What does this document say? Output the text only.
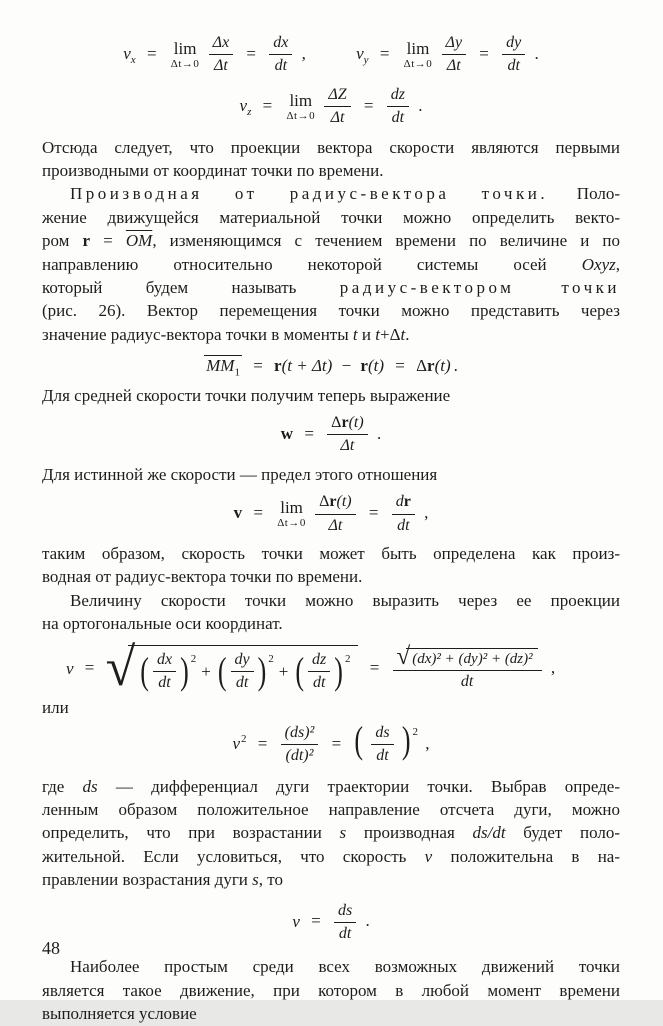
$v_x = \lim$
Δt→0
$\frac{\Delta x}{\Delta t} = \frac{dx}{dt}$ ,	$v_y = \lim$
Δt→0
$\frac{\Delta y}{\Delta t} = \frac{dy}{dt}$ .
$v_z = \lim$
Δt→0
$\frac{\Delta Z}{\Delta t} = \frac{dz}{dt}$ .
Отсюда следует, что проекции вектора скорости являются первыми
производными от координат точки по времени.
Производная от радиус-вектора точки. Поло-
жение движущейся материальной точки можно определить векто-
ром $r = \overline{OM}$, изменяющимся с течением времени по величине и по
направлению относительно некоторой системы осей Oxyz,
который будем называть радиус-вектором точки
(рис. 26). Вектор перемещения точки можно представить через
значение радиус-вектора точки в моменты t и t+Δt.
$MM_1 = r(t + \Delta t) - r(t) = \Delta r(t)$ .
Для средней скорости точки получим теперь выражение
$w = \frac{\text{Δ r (t)}}{\Delta t}$ .
Для истинной же скорости — предел этого отношения
v = lim
Δt→0
$\frac{\text{Δ r (t)}}{\Delta t} = \frac{\text{d r}}{dt}$ ,
таким образом, скорость точки может быть определена как произ-
водная от радиус-вектора точки по времени.
Величину скорости точки можно выразить через ее проекции
на ортогональные оси координат.
v = √ ( $\frac{dx}{dt}$ ) 2
+ ( $\frac{dy}{dt}$ ) 2
+ ( $\frac{dz}{dt}$ ) $2 = \frac{\text{√ (dx)² + (dy)² + (dz)²}}{dt}$ ,
или
$v^2 = \frac{\text{(ds)²}}{\text{(dt)²}}$ = ( $\frac{ds}{dt}$ ) $^2$ ,
где ds — дифференциал дуги траектории точки. Выбрав опреде-
ленным образом положительное направление отсчета дуги, можно
определить, что при возрастании s производная ds/dt будет поло-
жительной. Если условиться, что скорость v положительна в на-
правлении возрастания дуги s, то
$v = \frac{ds}{dt}$ .
Наиболее простым среди всех возможных движений точки
является такое движение, при котором в любой момент времени
выполняется условие
48
